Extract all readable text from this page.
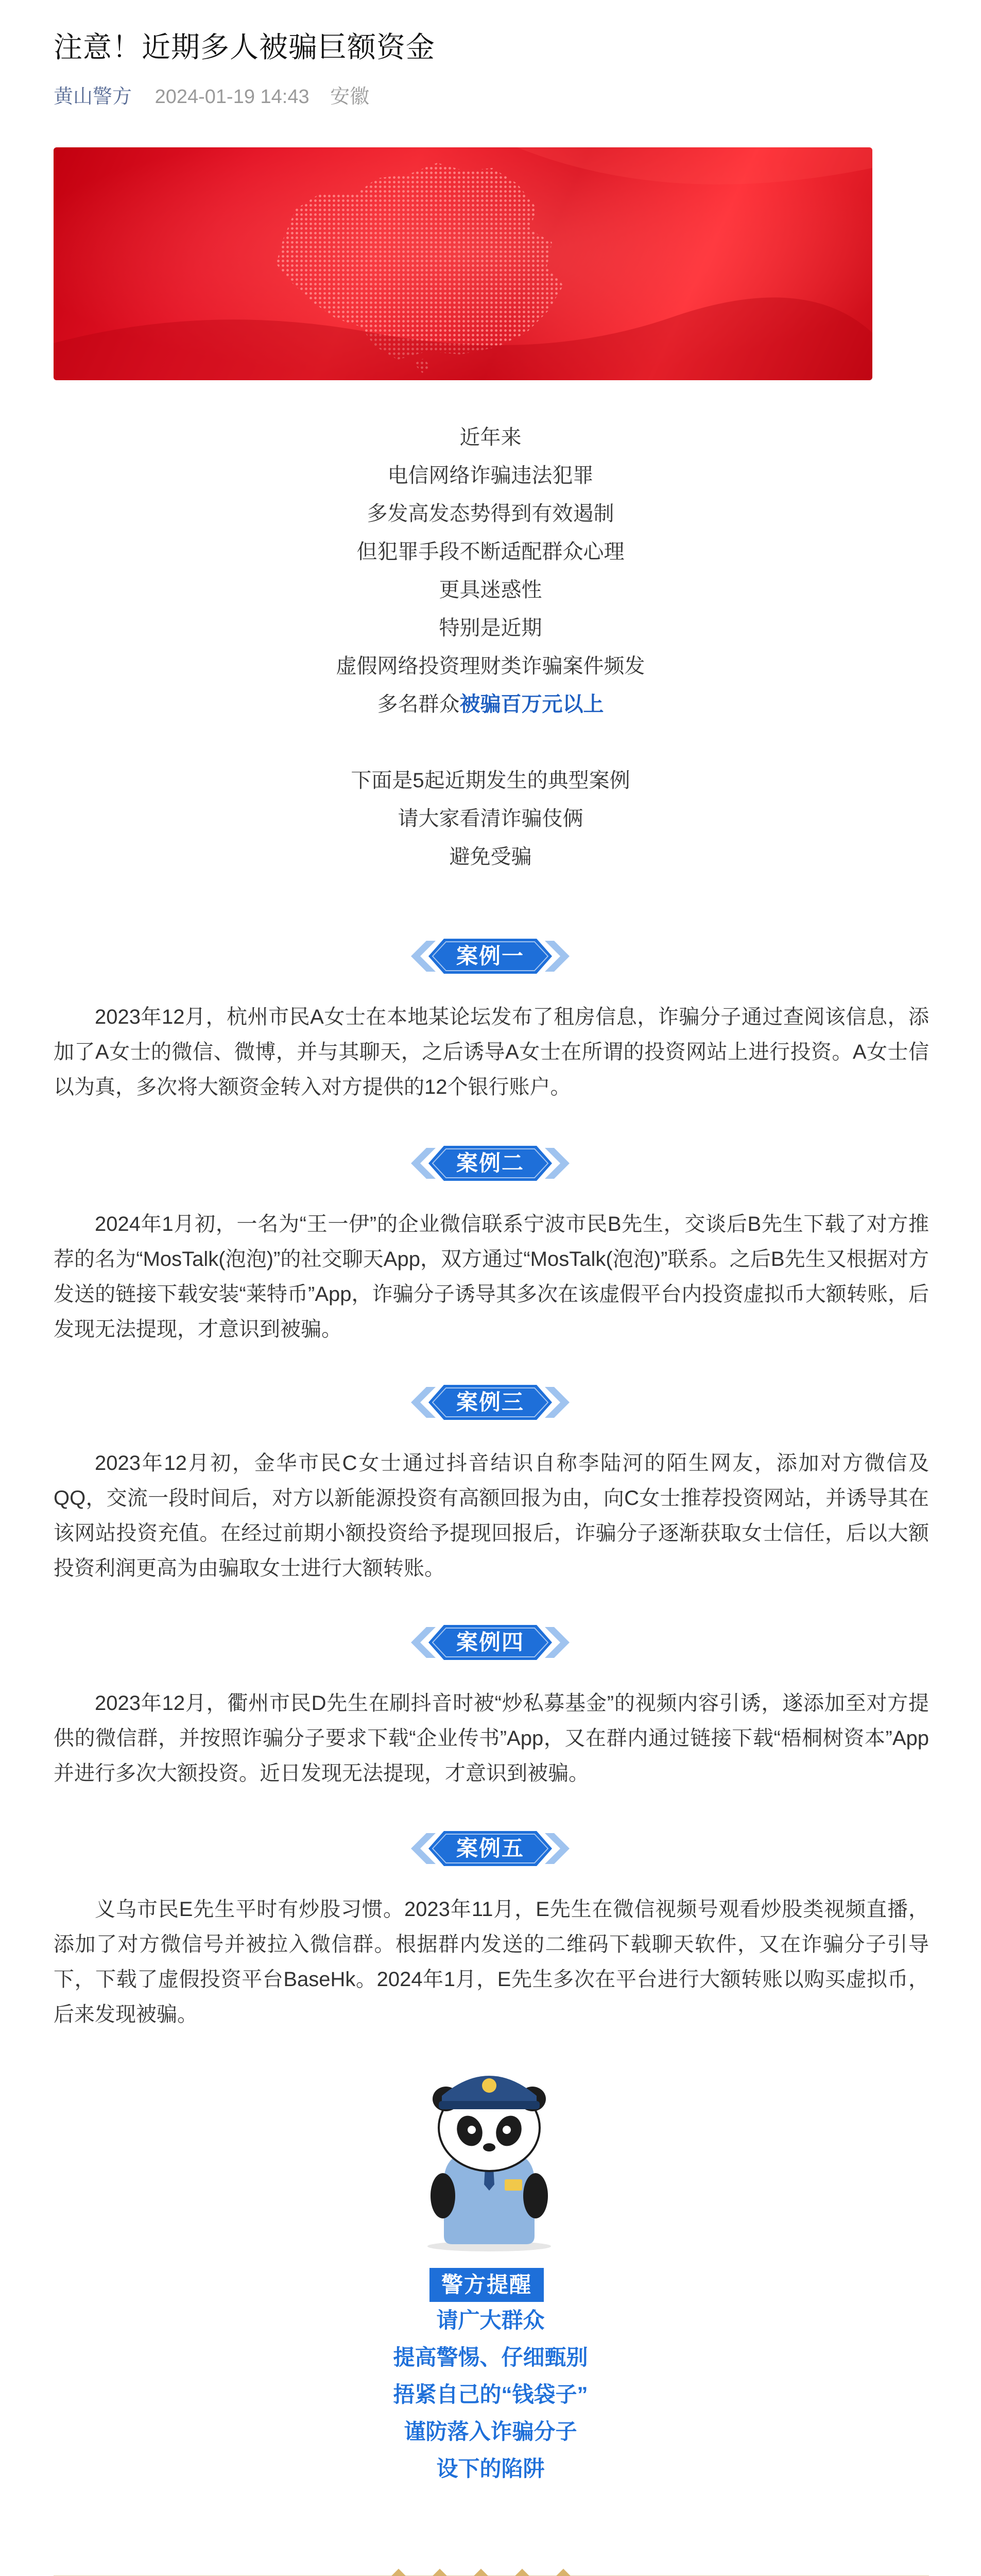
注意！近期多人被骗巨额资金
黄山警方 2024-01-19 14:43 安徽
近年来
电信网络诈骗违法犯罪
多发高发态势得到有效遏制
但犯罪手段不断适配群众心理
更具迷惑性
特别是近期
虚假网络投资理财类诈骗案件频发
多名群众被骗百万元以上
下面是5起近期发生的典型案例
请大家看清诈骗伎俩
避免受骗
案例一
2023年12月，杭州市民A女士在本地某论坛发布了租房信息，诈骗分子通过查阅该信息，添加了A女士的微信、微博，并与其聊天，之后诱导A女士在所谓的投资网站上进行投资。A女士信以为真，多次将大额资金转入对方提供的12个银行账户。
案例二
2024年1月初，一名为“王一伊”的企业微信联系宁波市民B先生，交谈后B先生下载了对方推荐的名为“MosTalk(泡泡)”的社交聊天App，双方通过“MosTalk(泡泡)”联系。之后B先生又根据对方发送的链接下载安装“莱特币”App，诈骗分子诱导其多次在该虚假平台内投资虚拟币大额转账，后发现无法提现，才意识到被骗。
案例三
2023年12月初，金华市民C女士通过抖音结识自称李陆河的陌生网友，添加对方微信及QQ，交流一段时间后，对方以新能源投资有高额回报为由，向C女士推荐投资网站，并诱导其在该网站投资充值。在经过前期小额投资给予提现回报后，诈骗分子逐渐获取女士信任，后以大额投资利润更高为由骗取女士进行大额转账。
案例四
2023年12月，衢州市民D先生在刷抖音时被“炒私募基金”的视频内容引诱，遂添加至对方提供的微信群，并按照诈骗分子要求下载“企业传书”App，又在群内通过链接下载“梧桐树资本”App并进行多次大额投资。近日发现无法提现，才意识到被骗。
案例五
义乌市民E先生平时有炒股习惯。2023年11月，E先生在微信视频号观看炒股类视频直播，添加了对方微信号并被拉入微信群。根据群内发送的二维码下载聊天软件，又在诈骗分子引导下，下载了虚假投资平台BaseHk。2024年1月，E先生多次在平台进行大额转账以购买虚拟币，后来发现被骗。
警方提醒
请广大群众
提高警惕、仔细甄别
捂紧自己的“钱袋子”
谨防落入诈骗分子
设下的陷阱
